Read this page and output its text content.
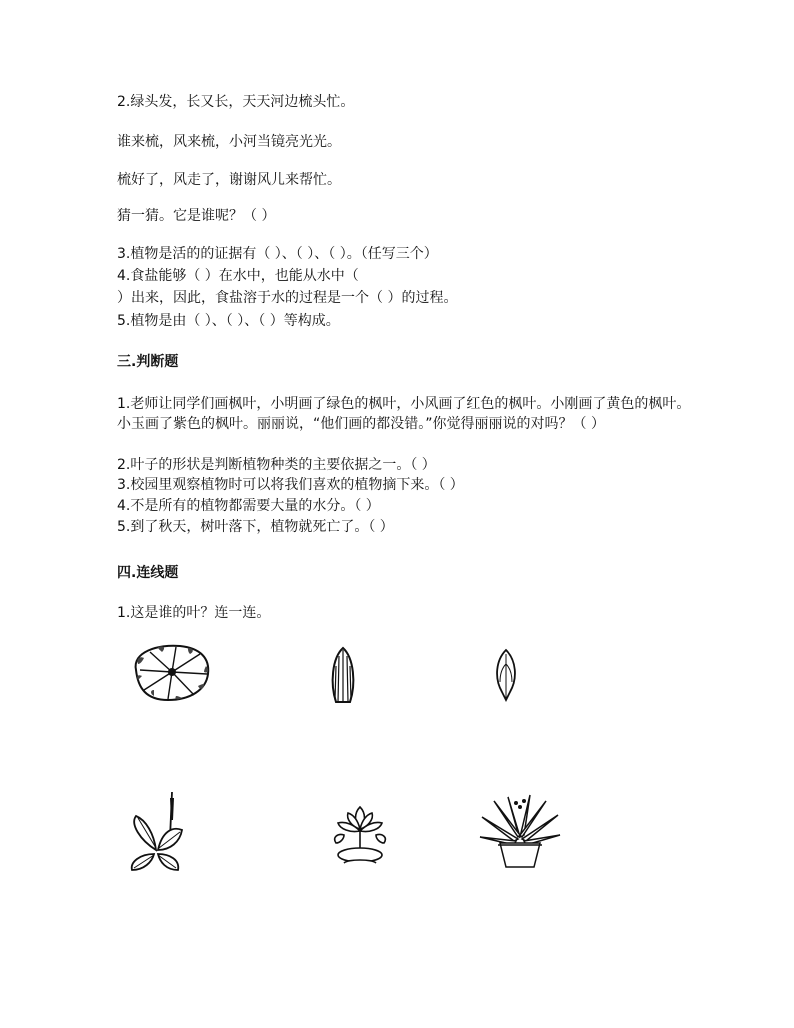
2.绿头发，长又长，天天河边梳头忙。
谁来梳，风来梳，小河当镜亮光光。
梳好了，风走了，谢谢风儿来帮忙。
猜一猜。它是谁呢？（ ）
3.植物是活的的证据有（ ）、（ ）、（ ）。（任写三个）
4.食盐能够（ ）在水中，也能从水中（
）出来，因此，食盐溶于水的过程是一个（ ）的过程。
5.植物是由（ ）、（ ）、（ ）等构成。
三.判断题
1.老师让同学们画枫叶，小明画了绿色的枫叶，小风画了红色的枫叶。小刚画了黄色的枫叶。小玉画了紫色的枫叶。丽丽说，“他们画的都没错。”你觉得丽丽说的对吗？（ ）
2.叶子的形状是判断植物种类的主要依据之一。（ ）
3.校园里观察植物时可以将我们喜欢的植物摘下来。（ ）
4.不是所有的植物都需要大量的水分。（ ）
5.到了秋天，树叶落下，植物就死亡了。（ ）
四.连线题
1.这是谁的叶？连一连。
